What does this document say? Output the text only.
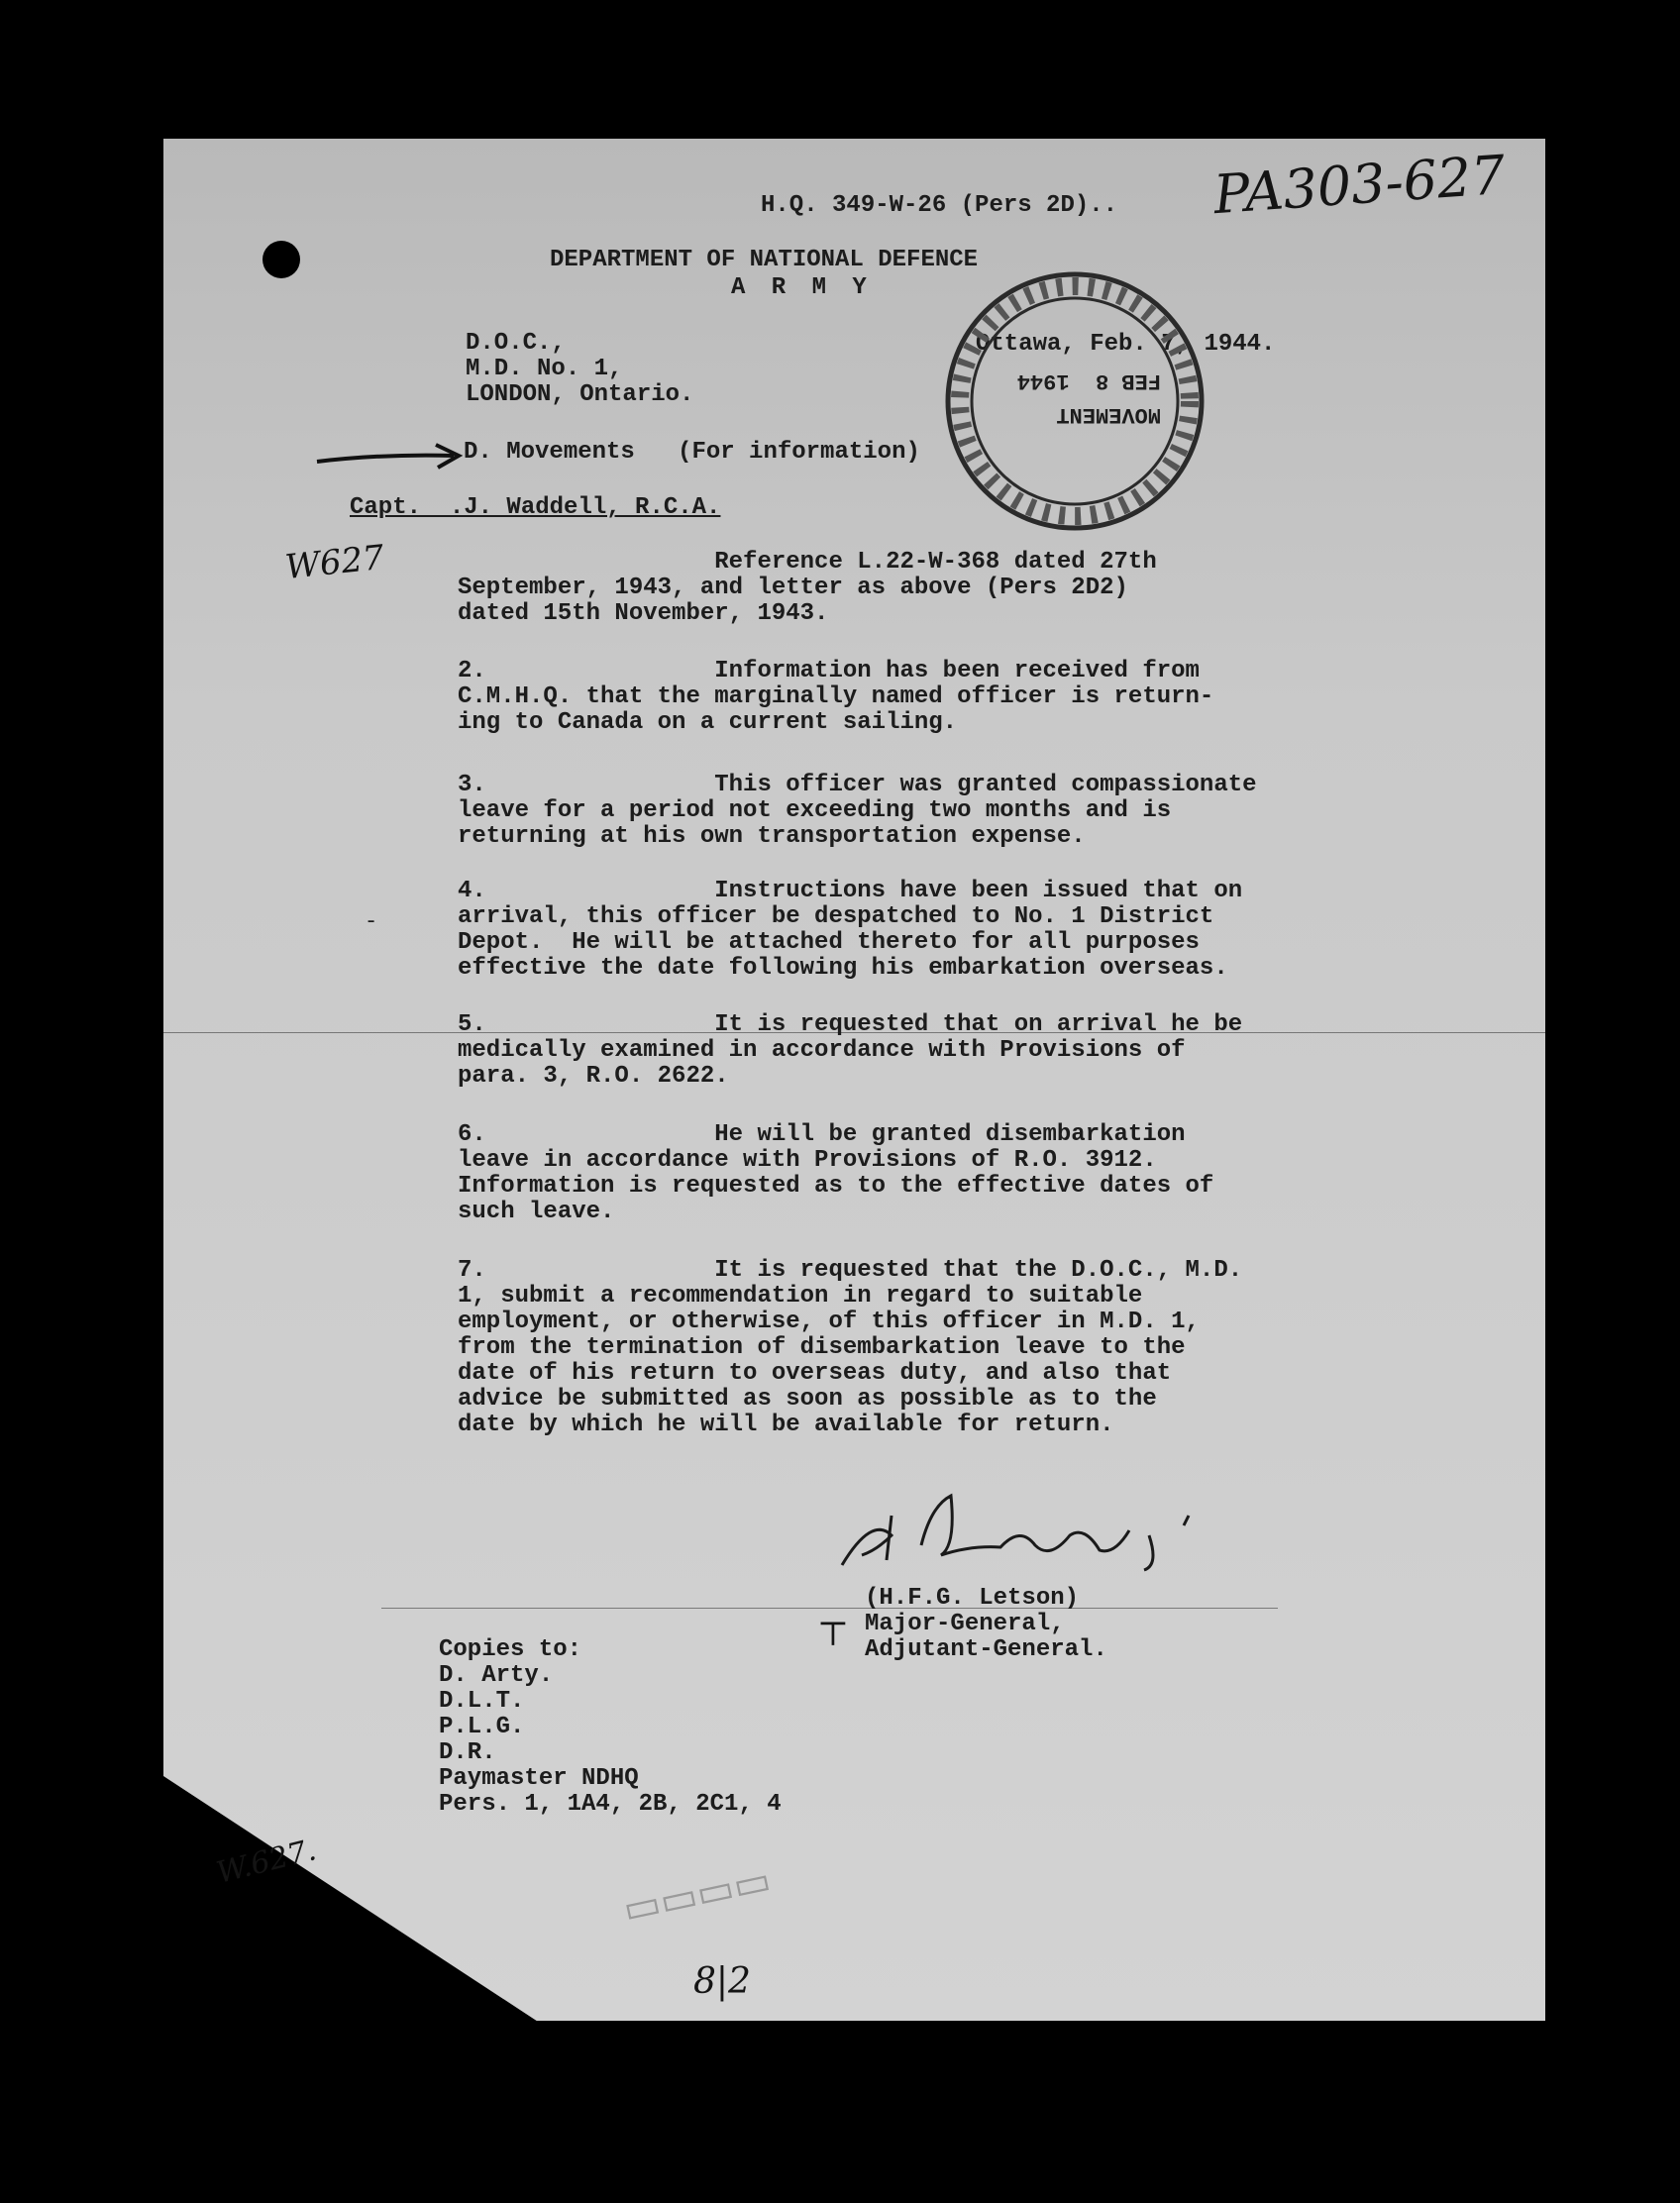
H.Q. 349-W-26 (Pers 2D).. PA303-627
DEPARTMENT OF NATIONAL DEFENCE
A R M Y
D.O.C.,
M.D. No. 1,
LONDON, Ontario.
Ottawa, Feb. 7, 1944.
MOVEMENT
FEB 8  1944
D. Movements   (For information)
Capt.  .J. Waddell, R.C.A.
W627	Reference L.22-W-368 dated 27th
September, 1943, and letter as above (Pers 2D2)
dated 15th November, 1943.
2.                Information has been received from
C.M.H.Q. that the marginally named officer is return-
ing to Canada on a current sailing.
3.                This officer was granted compassionate
leave for a period not exceeding two months and is
returning at his own transportation expense.
4.                Instructions have been issued that on
arrival, this officer be despatched to No. 1 District
Depot.  He will be attached thereto for all purposes
effective the date following his embarkation overseas.
5.                It is requested that on arrival he be
medically examined in accordance with Provisions of
para. 3, R.O. 2622.
6.                He will be granted disembarkation
leave in accordance with Provisions of R.O. 3912.
Information is requested as to the effective dates of
such leave.
7.                It is requested that the D.O.C., M.D.
1, submit a recommendation in regard to suitable
employment, or otherwise, of this officer in M.D. 1,
from the termination of disembarkation leave to the
date of his return to overseas duty, and also that
advice be submitted as soon as possible as to the
date by which he will be available for return.
-
(H.F.G. Letson)
Major-General,
Adjutant-General.
⊤
Copies to:
D. Arty.
D.L.T.
P.L.G.
D.R.
Paymaster NDHQ
Pers. 1, 1A4, 2B, 2C1, 4
W.627.	▭▭▭▭
8|2
